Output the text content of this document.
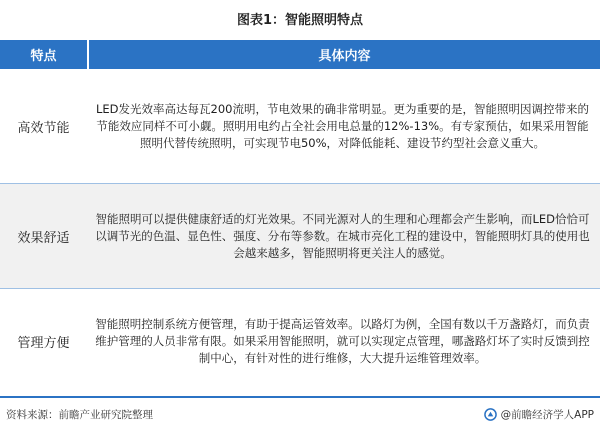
图表1：智能照明特点
特点	具体内容
高效节能
LED发光效率高达每瓦200流明，节电效果的确非常明显。更为重要的是，智能照明因调控带来的节能效应同样不可小觑。照明用电约占全社会用电总量的12%-13%。有专家预估，如果采用智能照明代替传统照明，可实现节电50%，对降低能耗、建设节约型社会意义重大。
效果舒适
智能照明可以提供健康舒适的灯光效果。不同光源对人的生理和心理都会产生影响，而LED恰恰可以调节光的色温、显色性、强度、分布等参数。在城市亮化工程的建设中，智能照明灯具的使用也会越来越多，智能照明将更关注人的感觉。
管理方便
智能照明控制系统方便管理，有助于提高运管效率。以路灯为例，全国有数以千万盏路灯，而负责维护管理的人员非常有限。如果采用智能照明，就可以实现定点管理，哪盏路灯坏了实时反馈到控制中心，有针对性的进行维修，大大提升运维管理效率。
资料来源：前瞻产业研究院整理	@前瞻经济学人APP
